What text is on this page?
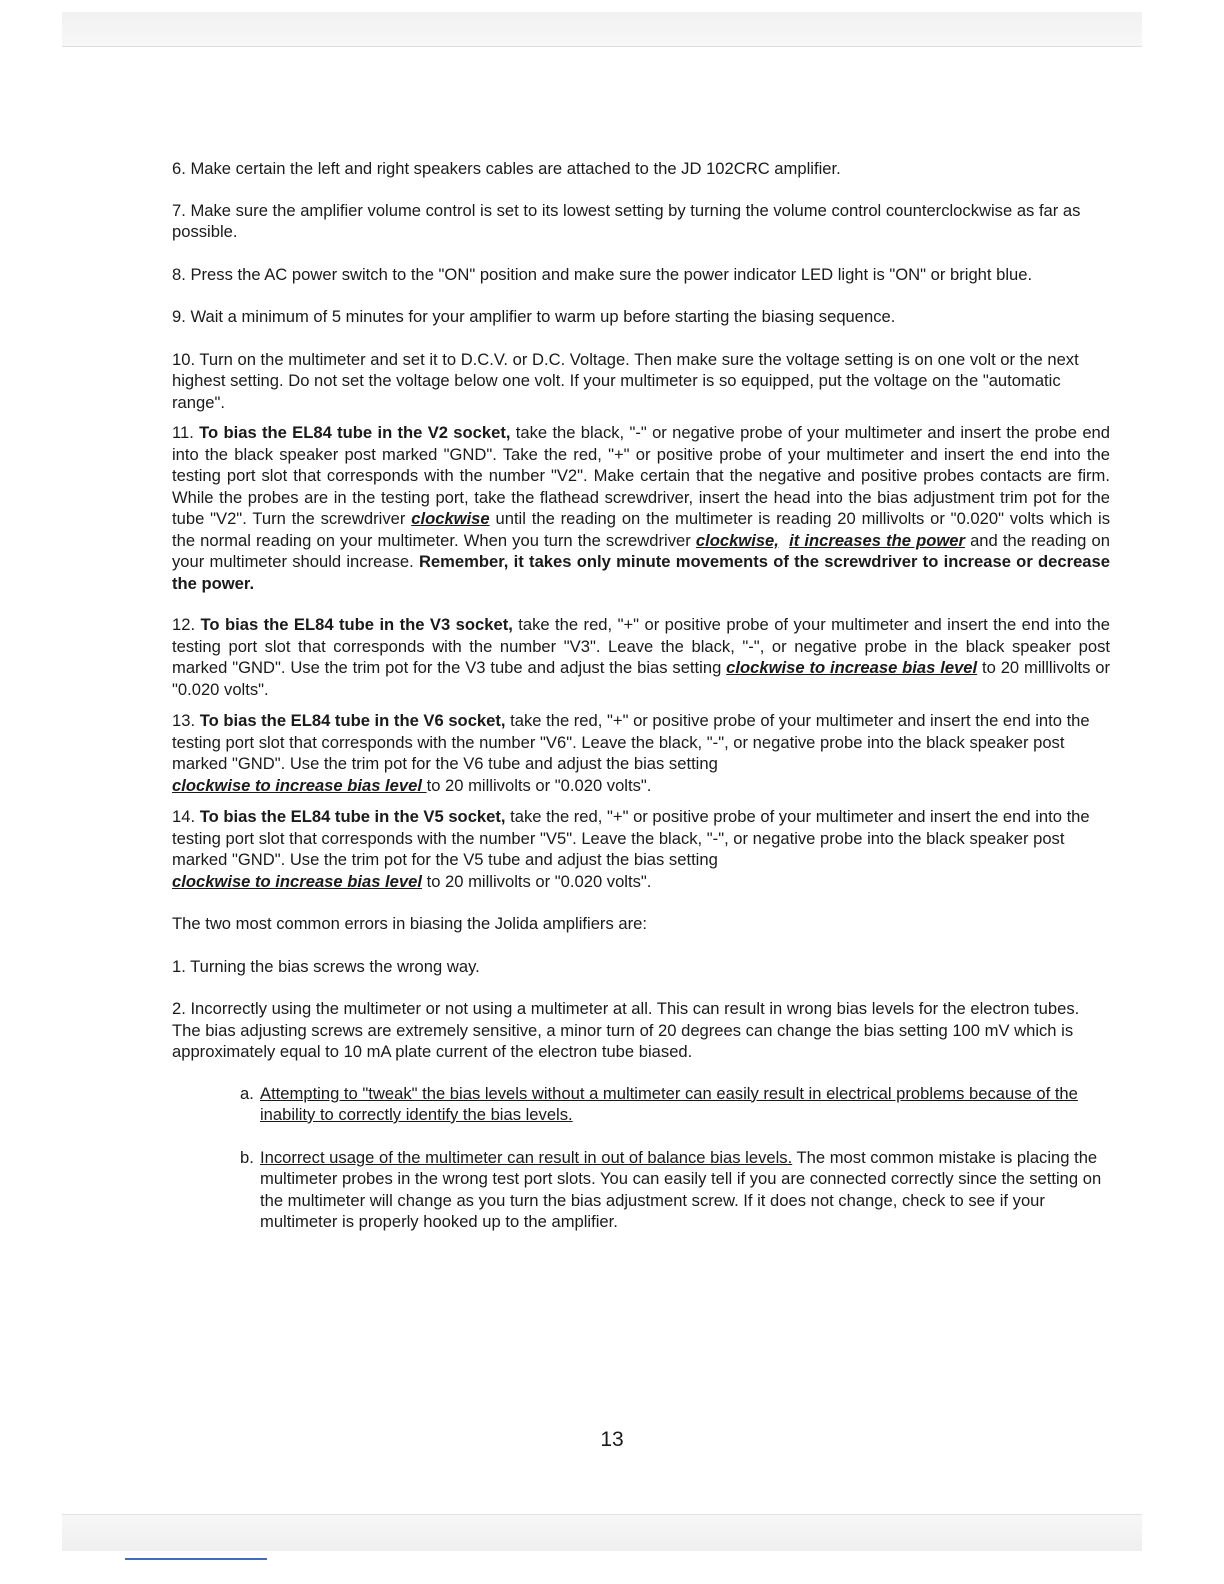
6. Make certain the left and right speakers cables are attached to the JD 102CRC amplifier.

7. Make sure the amplifier volume control is set to its lowest setting by turning the volume control counterclockwise as far as possible.

8. Press the AC power switch to the "ON" position and make sure the power indicator LED light is "ON" or bright blue.

9. Wait a minimum of 5 minutes for your amplifier to warm up before starting the biasing sequence.

10. Turn on the multimeter and set it to D.C.V. or D.C. Voltage. Then make sure the voltage setting is on one volt or the next highest setting. Do not set the voltage below one volt. If your multimeter is so equipped, put the voltage on the "automatic range".

11. To bias the EL84 tube in the V2 socket, take the black, "-" or negative probe of your multimeter and insert the probe end into the black speaker post marked "GND". Take the red, "+" or positive probe of your multimeter and insert the end into the testing port slot that corresponds with the number "V2". Make certain that the negative and positive probes contacts are firm. While the probes are in the testing port, take the flathead screwdriver, insert the head into the bias adjustment trim pot for the tube "V2". Turn the screwdriver clockwise until the reading on the multimeter is reading 20 millivolts or "0.020" volts which is the normal reading on your multimeter. When you turn the screwdriver clockwise, it increases the power and the reading on your multimeter should increase. Remember, it takes only minute movements of the screwdriver to increase or decrease the power.

12. To bias the EL84 tube in the V3 socket, take the red, "+" or positive probe of your multimeter and insert the end into the testing port slot that corresponds with the number "V3". Leave the black, "-", or negative probe in the black speaker post marked "GND". Use the trim pot for the V3 tube and adjust the bias setting clockwise to increase bias level to 20 milllivolts or "0.020 volts".

13. To bias the EL84 tube in the V6 socket, take the red, "+" or positive probe of your multimeter and insert the end into the testing port slot that corresponds with the number "V6". Leave the black, "-", or negative probe into the black speaker post marked "GND". Use the trim pot for the V6 tube and adjust the bias setting
clockwise to increase bias level to 20 millivolts or "0.020 volts".

14. To bias the EL84 tube in the V5 socket, take the red, "+" or positive probe of your multimeter and insert the end into the testing port slot that corresponds with the number "V5". Leave the black, "-", or negative probe into the black speaker post marked "GND". Use the trim pot for the V5 tube and adjust the bias setting
clockwise to increase bias level to 20 millivolts or "0.020 volts".

The two most common errors in biasing the Jolida amplifiers are:

1. Turning the bias screws the wrong way.

2. Incorrectly using the multimeter or not using a multimeter at all. This can result in wrong bias levels for the electron tubes. The bias adjusting screws are extremely sensitive, a minor turn of 20 degrees can change the bias setting 100 mV which is approximately equal to 10 mA plate current of the electron tube biased.

a. Attempting to "tweak" the bias levels without a multimeter can easily result in electrical problems because of the inability to correctly identify the bias levels.

b. Incorrect usage of the multimeter can result in out of balance bias levels. The most common mistake is placing the multimeter probes in the wrong test port slots. You can easily tell if you are connected correctly since the setting on the multimeter will change as you turn the bias adjustment screw. If it does not change, check to see if your multimeter is properly hooked up to the amplifier.

13
